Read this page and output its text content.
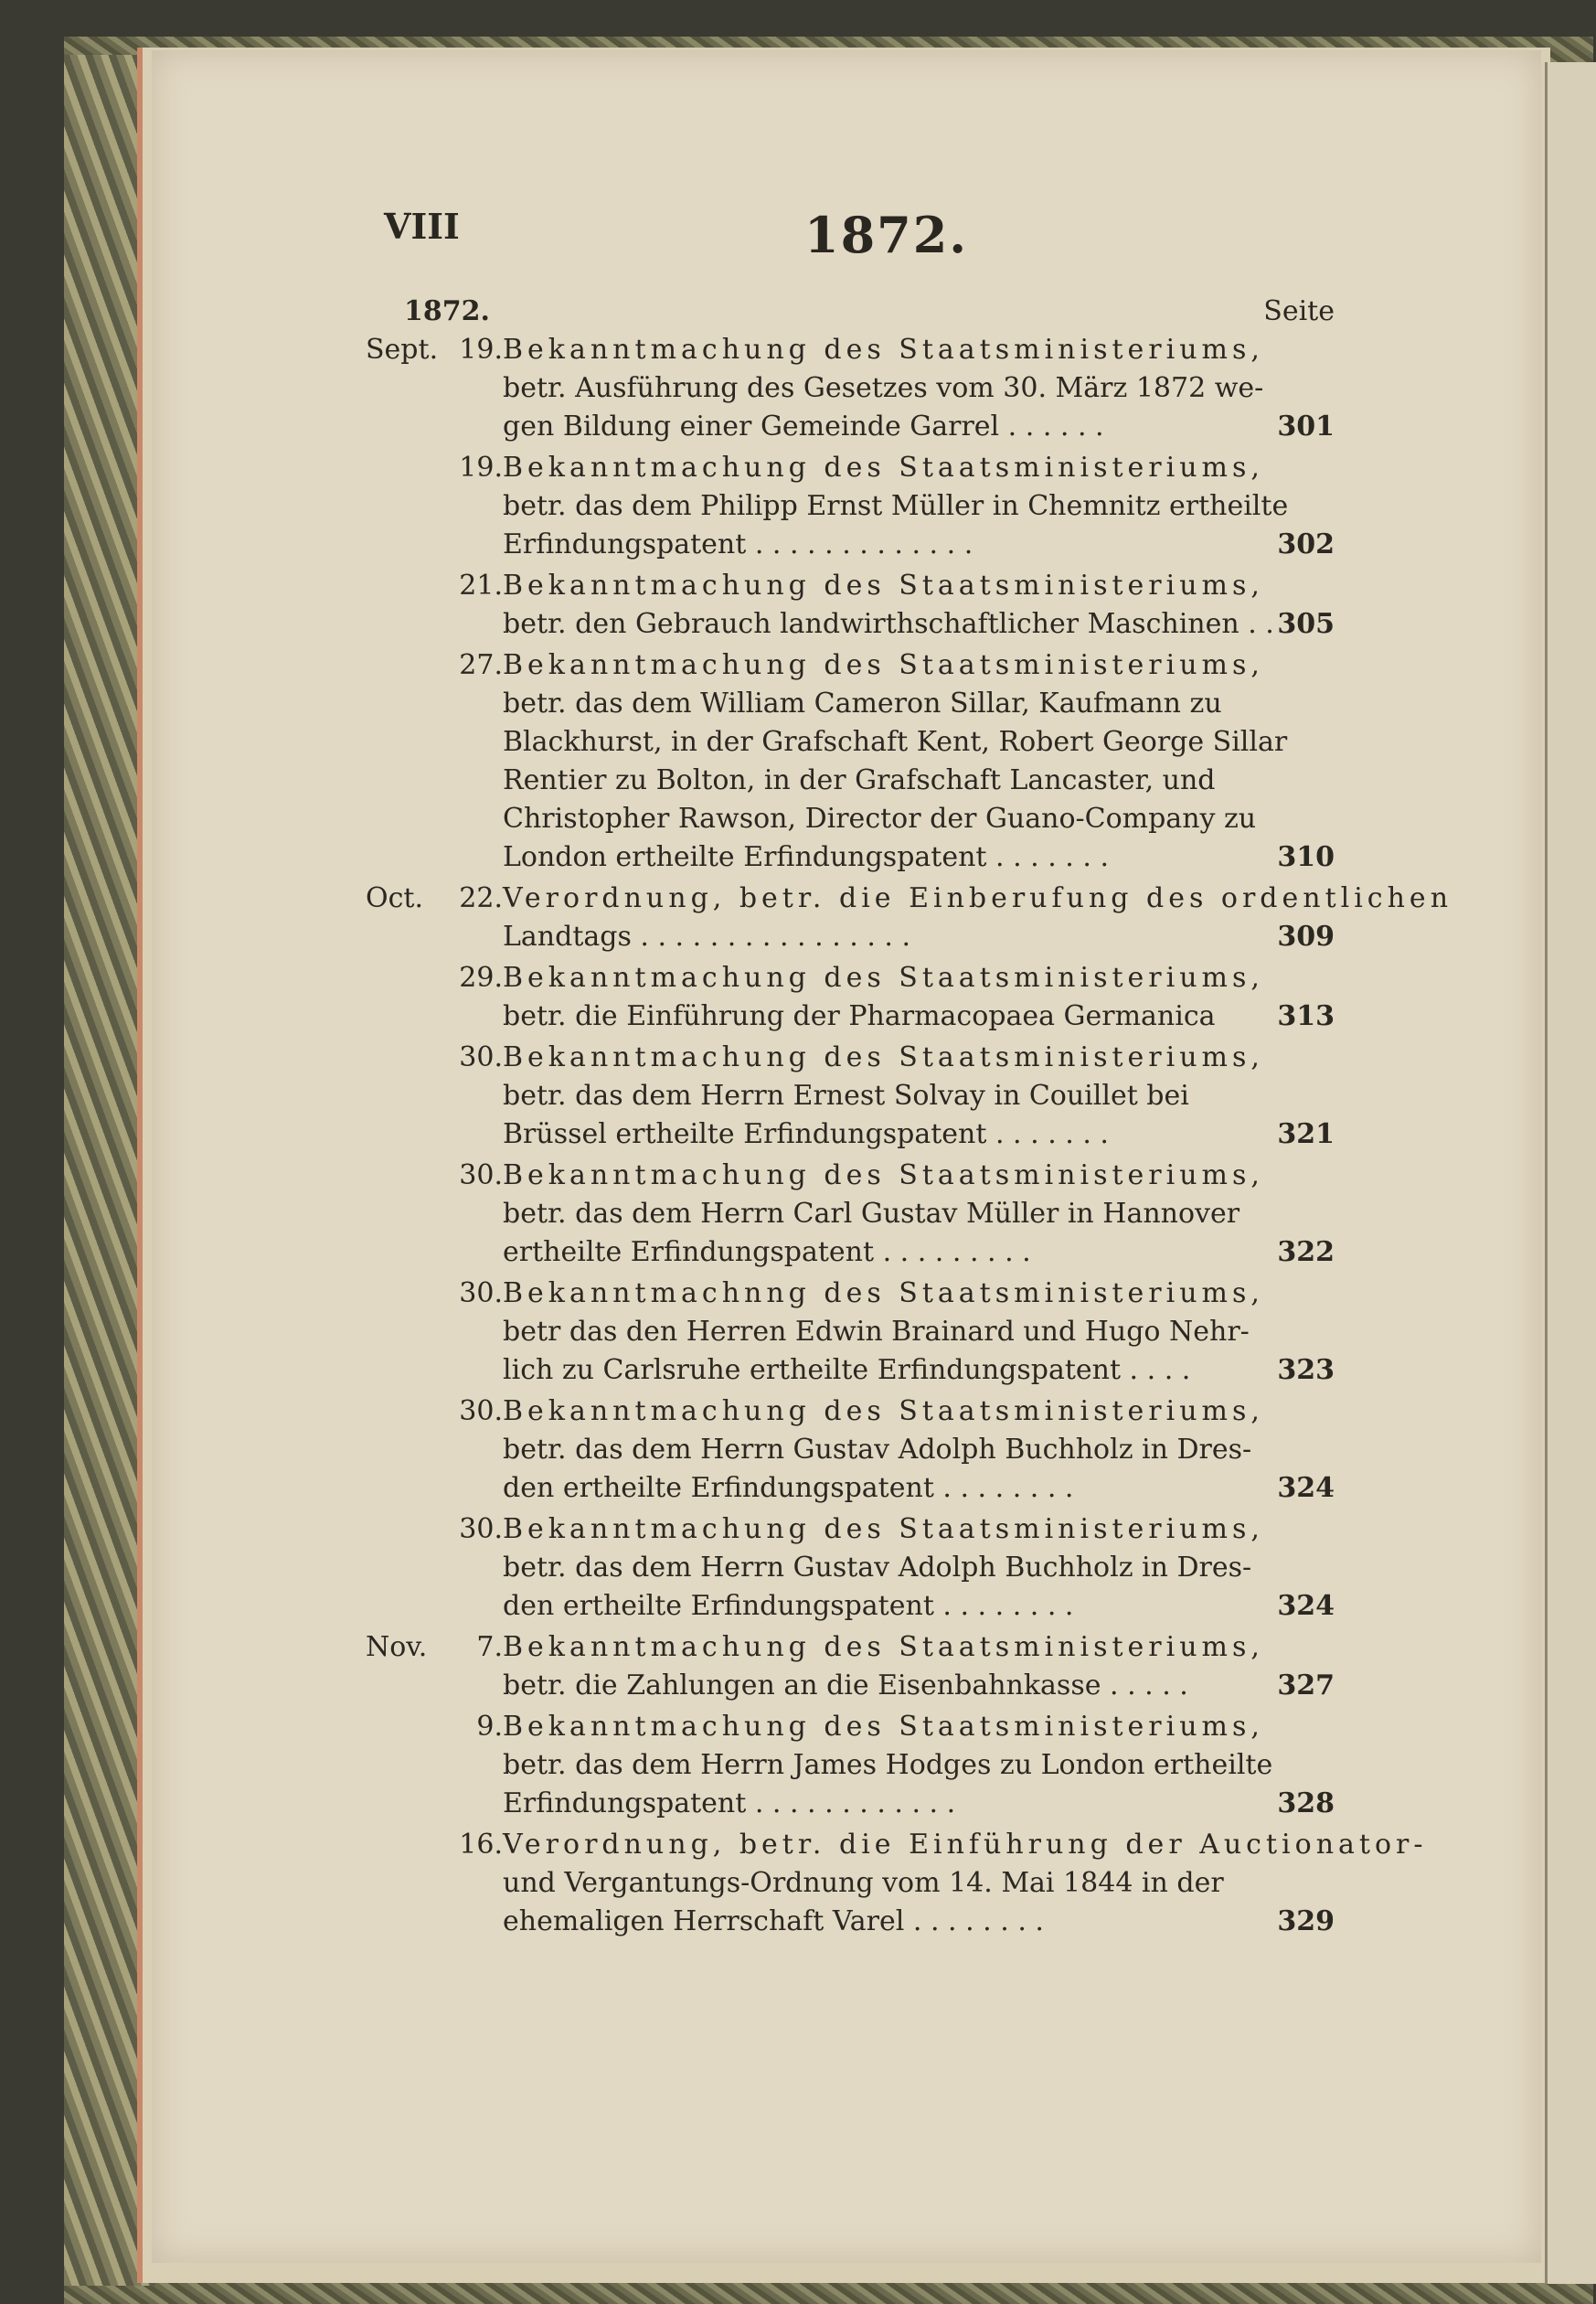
VIII	1872.
1872.	Seite
Sept. 19. Bekanntmachung des Staatsministeriums,
betr. Ausführung des Gesetzes vom 30. März 1872 we-
gen Bildung einer Gemeinde Garrel . . . . . .	301
19. Bekanntmachung des Staatsministeriums,
betr. das dem Philipp Ernst Müller in Chemnitz ertheilte
Erfindungspatent . . . . . . . . . . . . .	302
21. Bekanntmachung des Staatsministeriums,
betr. den Gebrauch landwirthschaftlicher Maschinen . . 305
27. Bekanntmachung des Staatsministeriums,
betr. das dem William Cameron Sillar, Kaufmann zu
Blackhurst, in der Grafschaft Kent, Robert George Sillar
Rentier zu Bolton, in der Grafschaft Lancaster, und
Christopher Rawson, Director der Guano-Company zu
London ertheilte Erfindungspatent . . . . . . .	310
Oct. 22. Verordnung, betr. die Einberufung des ordentlichen
Landtags . . . . . . . . . . . . . . . .	309
29. Bekanntmachung des Staatsministeriums,
betr. die Einführung der Pharmacopaea Germanica	313
30. Bekanntmachung des Staatsministeriums,
betr. das dem Herrn Ernest Solvay in Couillet bei
Brüssel ertheilte Erfindungspatent . . . . . . .	321
30. Bekanntmachung des Staatsministeriums,
betr. das dem Herrn Carl Gustav Müller in Hannover
ertheilte Erfindungspatent . . . . . . . . .	322
30. Bekanntmachnng des Staatsministeriums,
betr das den Herren Edwin Brainard und Hugo Nehr-
lich zu Carlsruhe ertheilte Erfindungspatent . . . .	323
30. Bekanntmachung des Staatsministeriums,
betr. das dem Herrn Gustav Adolph Buchholz in Dres-
den ertheilte Erfindungspatent . . . . . . . .	324
30. Bekanntmachung des Staatsministeriums,
betr. das dem Herrn Gustav Adolph Buchholz in Dres-
den ertheilte Erfindungspatent . . . . . . . .	324
Nov. 7. Bekanntmachung des Staatsministeriums,
betr. die Zahlungen an die Eisenbahnkasse . . . . .	327
9. Bekanntmachung des Staatsministeriums,
betr. das dem Herrn James Hodges zu London ertheilte
Erfindungspatent . . . . . . . . . . . .	328
16. Verordnung, betr. die Einführung der Auctionator-
und Vergantungs-Ordnung vom 14. Mai 1844 in der
ehemaligen Herrschaft Varel . . . . . . . .	329
